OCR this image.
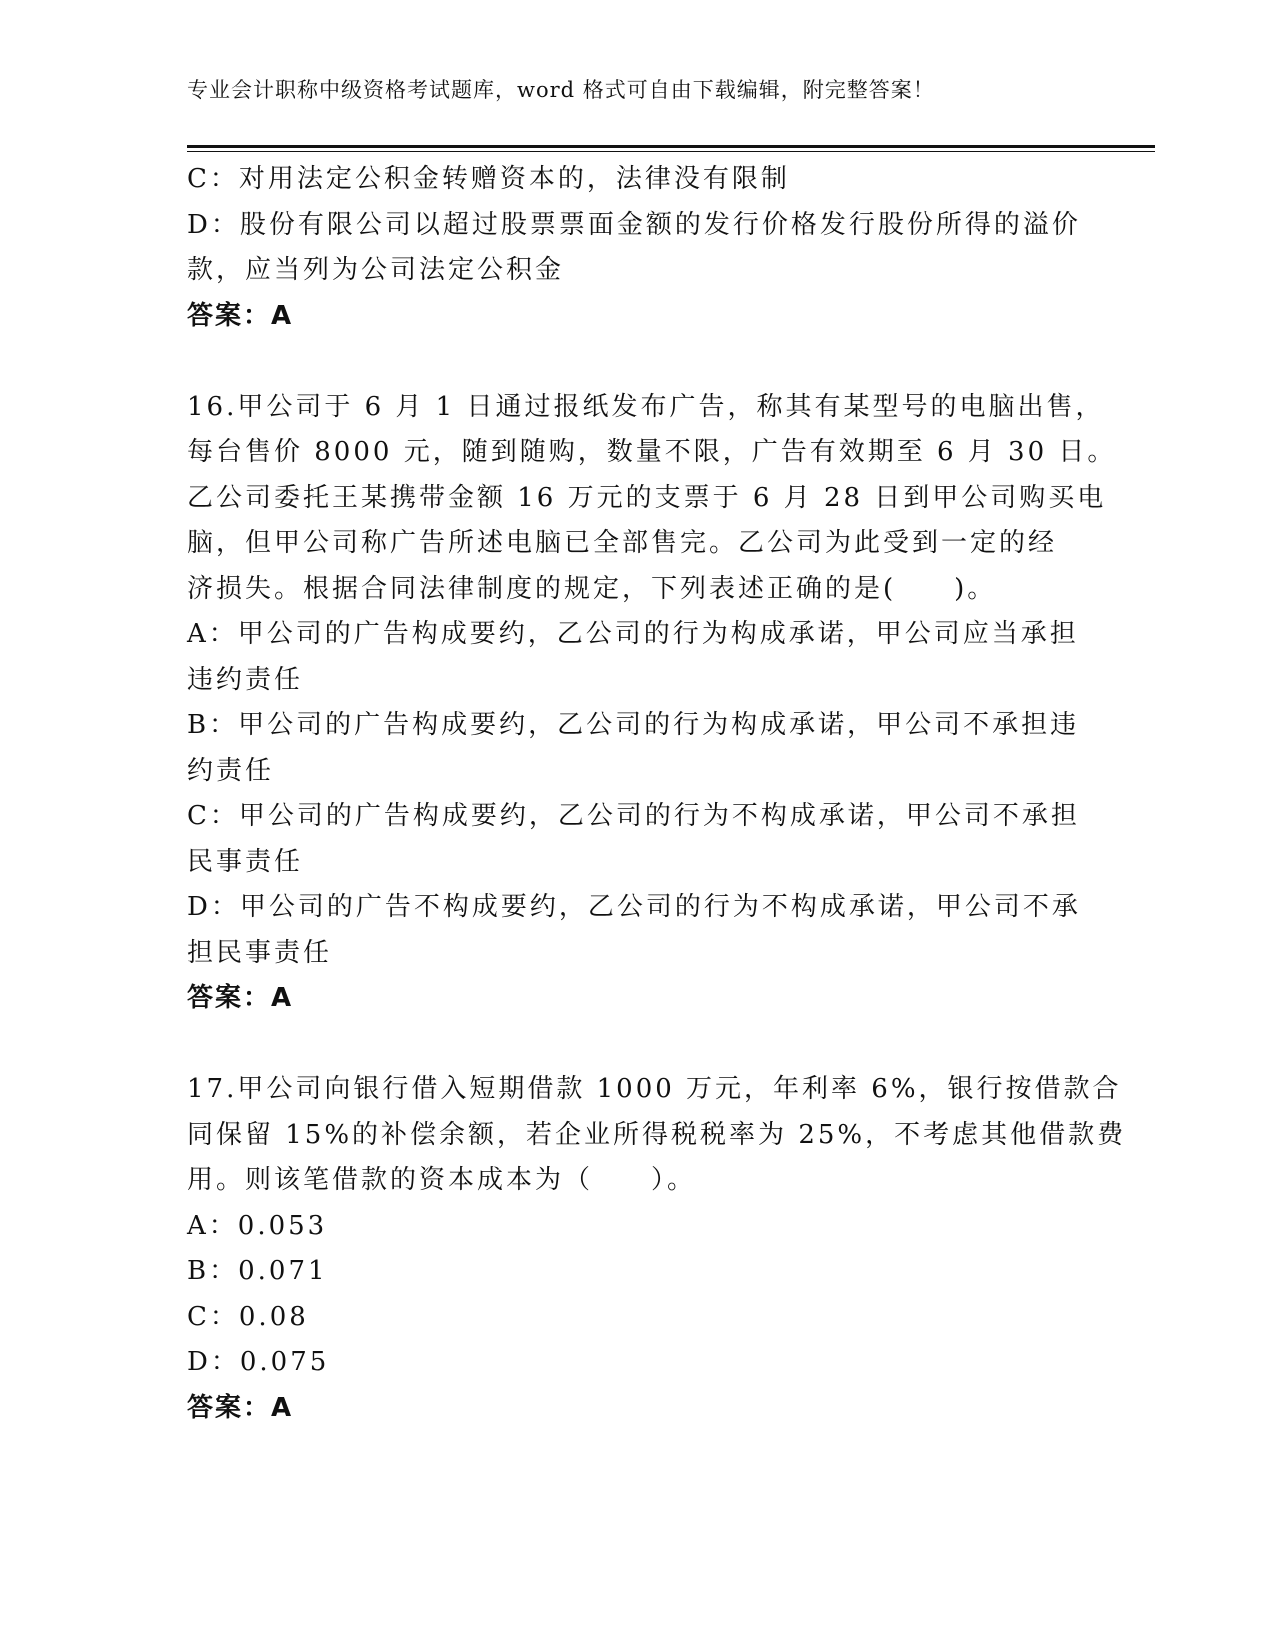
专业会计职称中级资格考试题库，word 格式可自由下载编辑，附完整答案！
C：对用法定公积金转赠资本的，法律没有限制
D：股份有限公司以超过股票票面金额的发行价格发行股份所得的溢价
款，应当列为公司法定公积金
答案：A
16.甲公司于 6 月 1 日通过报纸发布广告，称其有某型号的电脑出售，
每台售价 8000 元，随到随购，数量不限，广告有效期至 6 月 30 日。
乙公司委托王某携带金额 16 万元的支票于 6 月 28 日到甲公司购买电
脑，但甲公司称广告所述电脑已全部售完。乙公司为此受到一定的经
济损失。根据合同法律制度的规定，下列表述正确的是(　　)。
A：甲公司的广告构成要约，乙公司的行为构成承诺，甲公司应当承担
违约责任
B：甲公司的广告构成要约，乙公司的行为构成承诺，甲公司不承担违
约责任
C：甲公司的广告构成要约，乙公司的行为不构成承诺，甲公司不承担
民事责任
D：甲公司的广告不构成要约，乙公司的行为不构成承诺，甲公司不承
担民事责任
答案：A
17.甲公司向银行借入短期借款 1000 万元，年利率 6%，银行按借款合
同保留 15%的补偿余额，若企业所得税税率为 25%，不考虑其他借款费
用。则该笔借款的资本成本为（　　）。
A：0.053
B：0.071
C：0.08
D：0.075
答案：A
